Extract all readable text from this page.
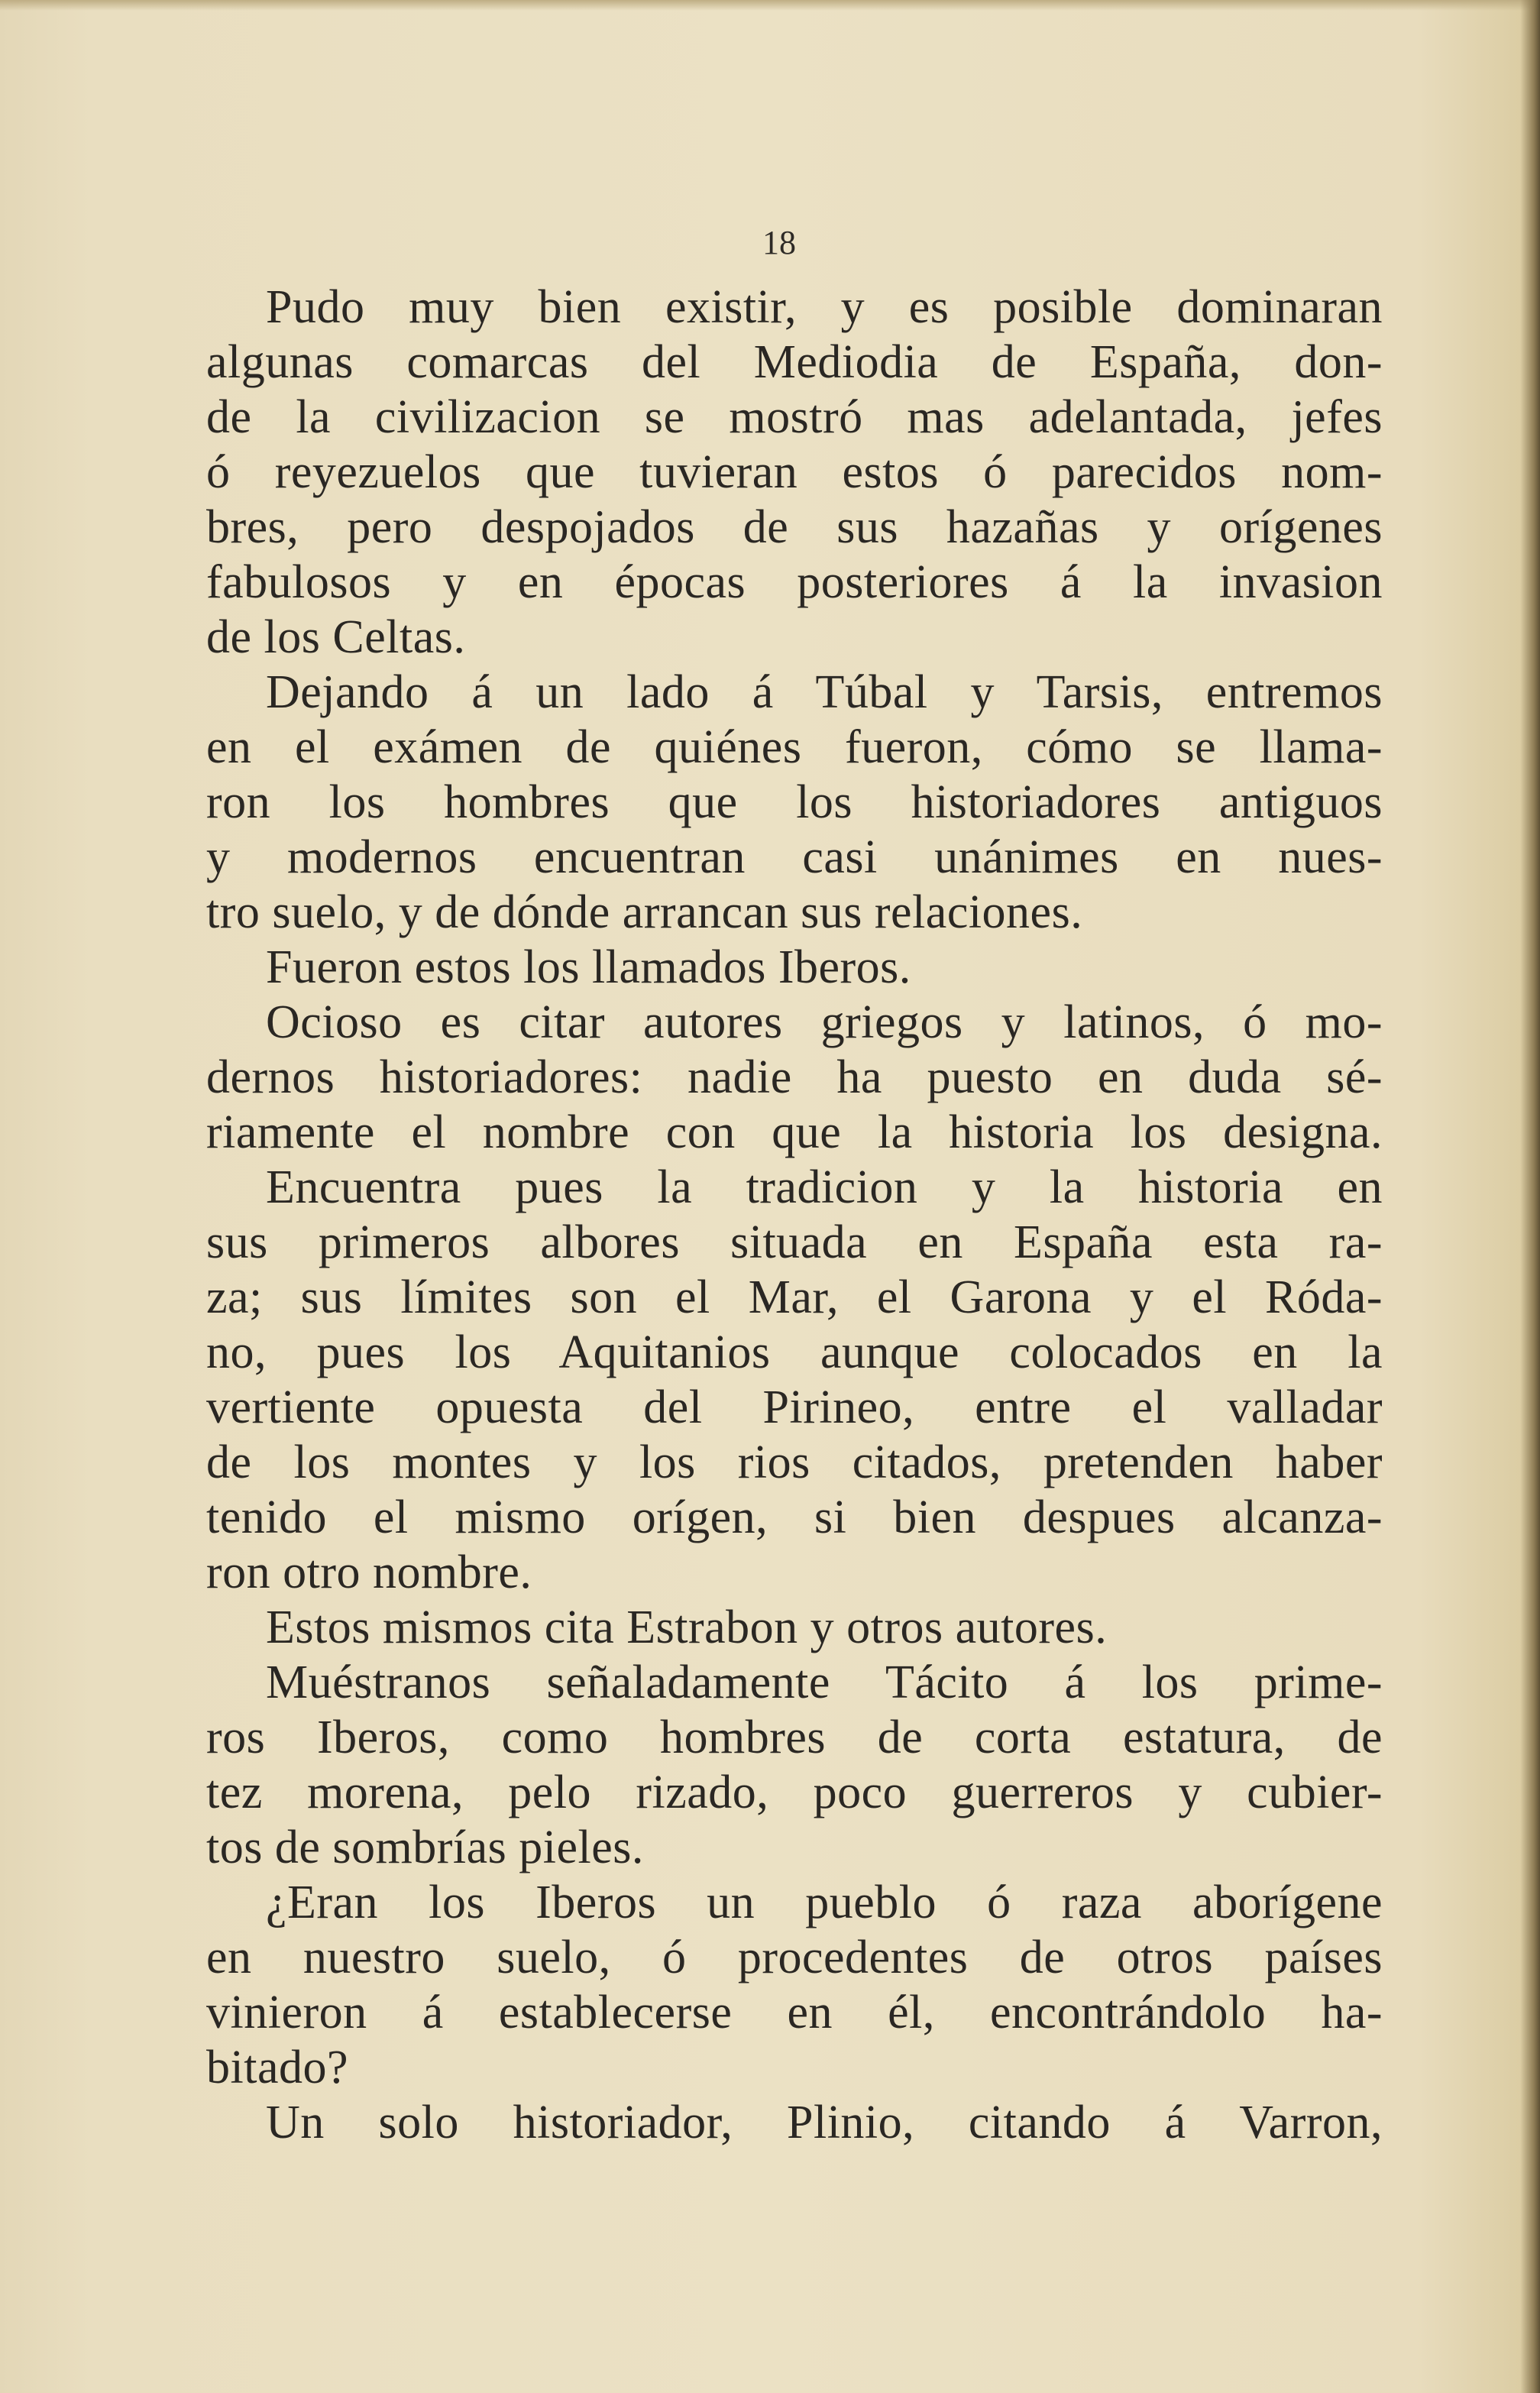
18
Pudo muy bien existir, y es posible dominaran
algunas comarcas del Mediodia de España, don-
de la civilizacion se mostró mas adelantada, jefes
ó reyezuelos que tuvieran estos ó parecidos nom-
bres, pero despojados de sus hazañas y orígenes
fabulosos y en épocas posteriores á la invasion
de los Celtas.
Dejando á un lado á Túbal y Tarsis, entremos
en el exámen de quiénes fueron, cómo se llama-
ron los hombres que los historiadores antiguos
y modernos encuentran casi unánimes en nues-
tro suelo, y de dónde arrancan sus relaciones.
Fueron estos los llamados Iberos.
Ocioso es citar autores griegos y latinos, ó mo-
dernos historiadores: nadie ha puesto en duda sé-
riamente el nombre con que la historia los designa.
Encuentra pues la tradicion y la historia en
sus primeros albores situada en España esta ra-
za; sus límites son el Mar, el Garona y el Róda-
no, pues los Aquitanios aunque colocados en la
vertiente opuesta del Pirineo, entre el valladar
de los montes y los rios citados, pretenden haber
tenido el mismo orígen, si bien despues alcanza-
ron otro nombre.
Estos mismos cita Estrabon y otros autores.
Muéstranos señaladamente Tácito á los prime-
ros Iberos, como hombres de corta estatura, de
tez morena, pelo rizado, poco guerreros y cubier-
tos de sombrías pieles.
¿Eran los Iberos un pueblo ó raza aborígene
en nuestro suelo, ó procedentes de otros países
vinieron á establecerse en él, encontrándolo ha-
bitado?
Un solo historiador, Plinio, citando á Varron,
